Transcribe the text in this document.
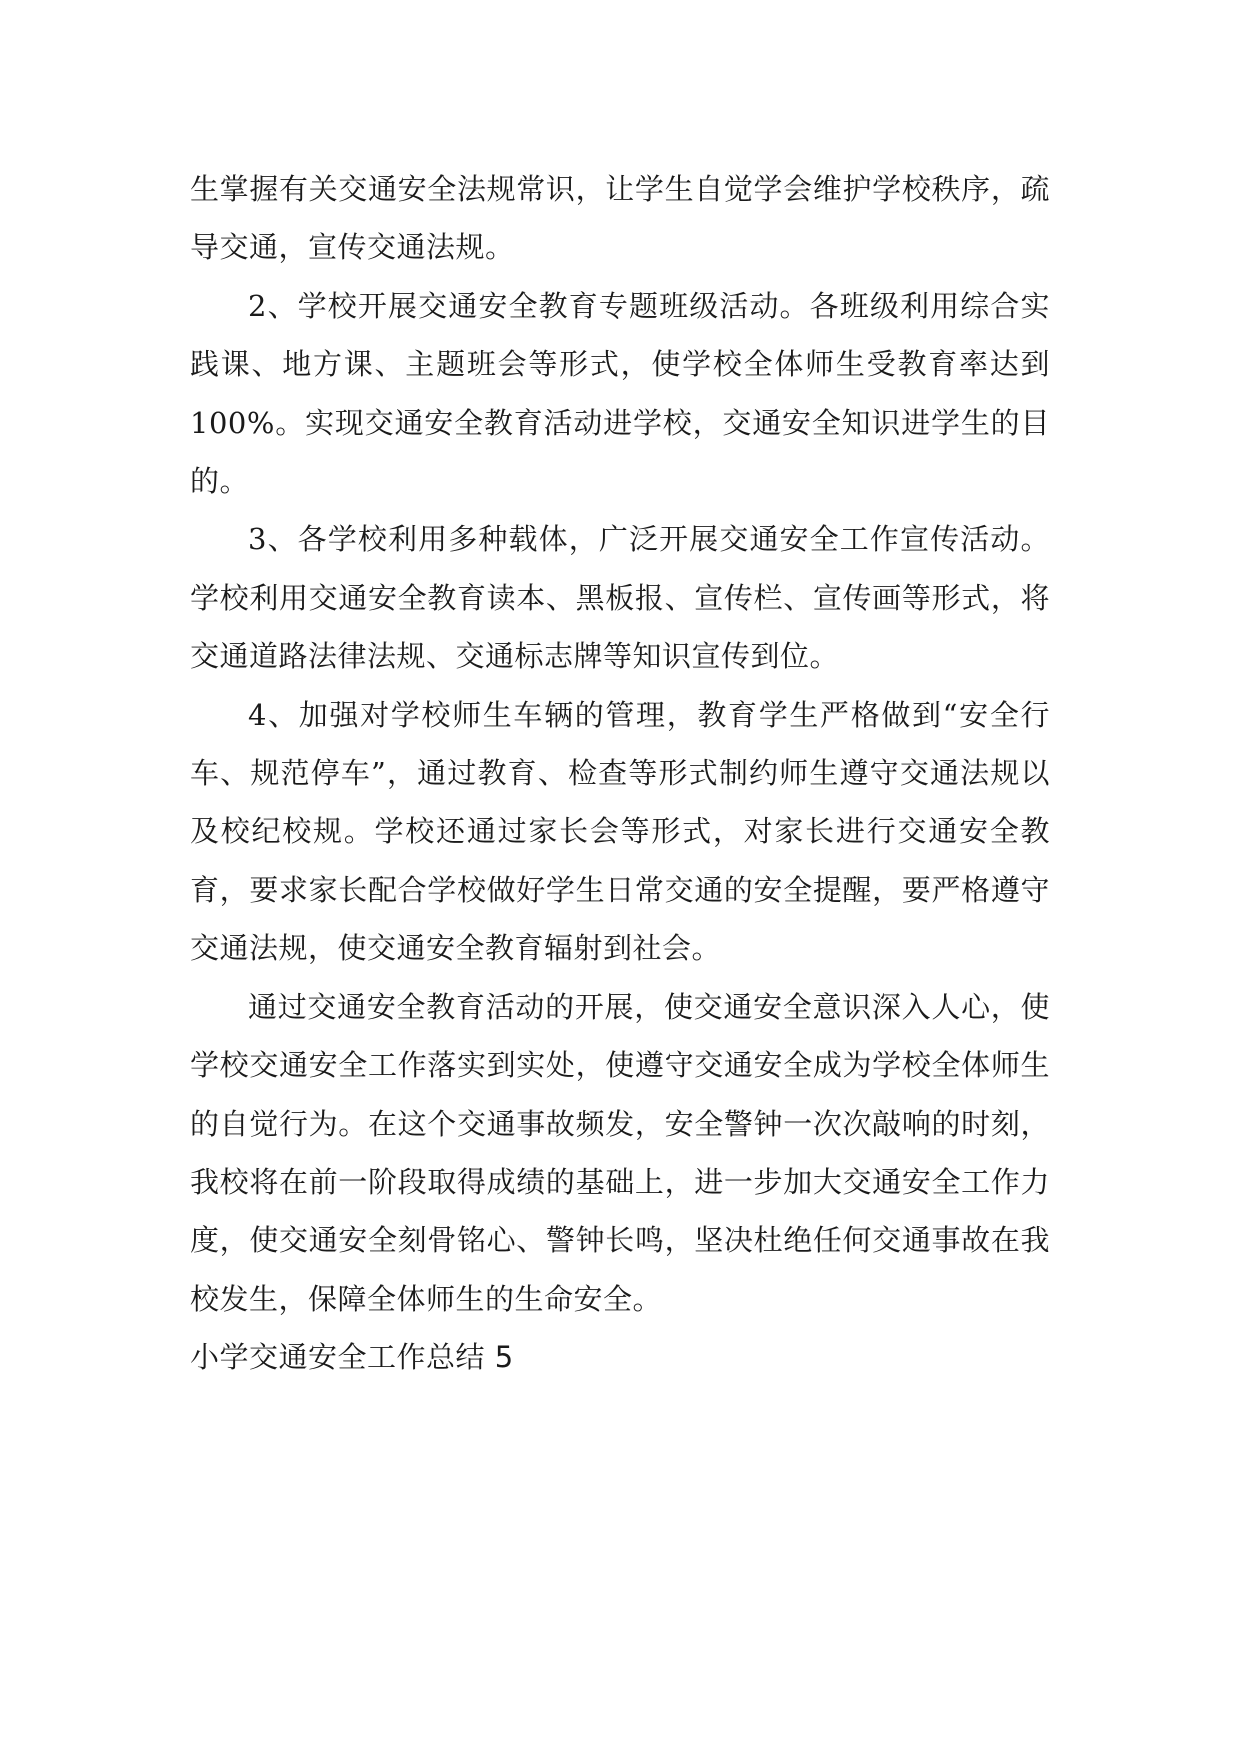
生掌握有关交通安全法规常识，让学生自觉学会维护学校秩序，疏导交通，宣传交通法规。

2、学校开展交通安全教育专题班级活动。各班级利用综合实践课、地方课、主题班会等形式，使学校全体师生受教育率达到100%。实现交通安全教育活动进学校，交通安全知识进学生的目的。

3、各学校利用多种载体，广泛开展交通安全工作宣传活动。学校利用交通安全教育读本、黑板报、宣传栏、宣传画等形式，将交通道路法律法规、交通标志牌等知识宣传到位。

4、加强对学校师生车辆的管理，教育学生严格做到“安全行车、规范停车”，通过教育、检查等形式制约师生遵守交通法规以及校纪校规。学校还通过家长会等形式，对家长进行交通安全教育，要求家长配合学校做好学生日常交通的安全提醒，要严格遵守交通法规，使交通安全教育辐射到社会。

通过交通安全教育活动的开展，使交通安全意识深入人心，使学校交通安全工作落实到实处，使遵守交通安全成为学校全体师生的自觉行为。在这个交通事故频发，安全警钟一次次敲响的时刻，我校将在前一阶段取得成绩的基础上，进一步加大交通安全工作力度，使交通安全刻骨铭心、警钟长鸣，坚决杜绝任何交通事故在我校发生，保障全体师生的生命安全。

小学交通安全工作总结 5
